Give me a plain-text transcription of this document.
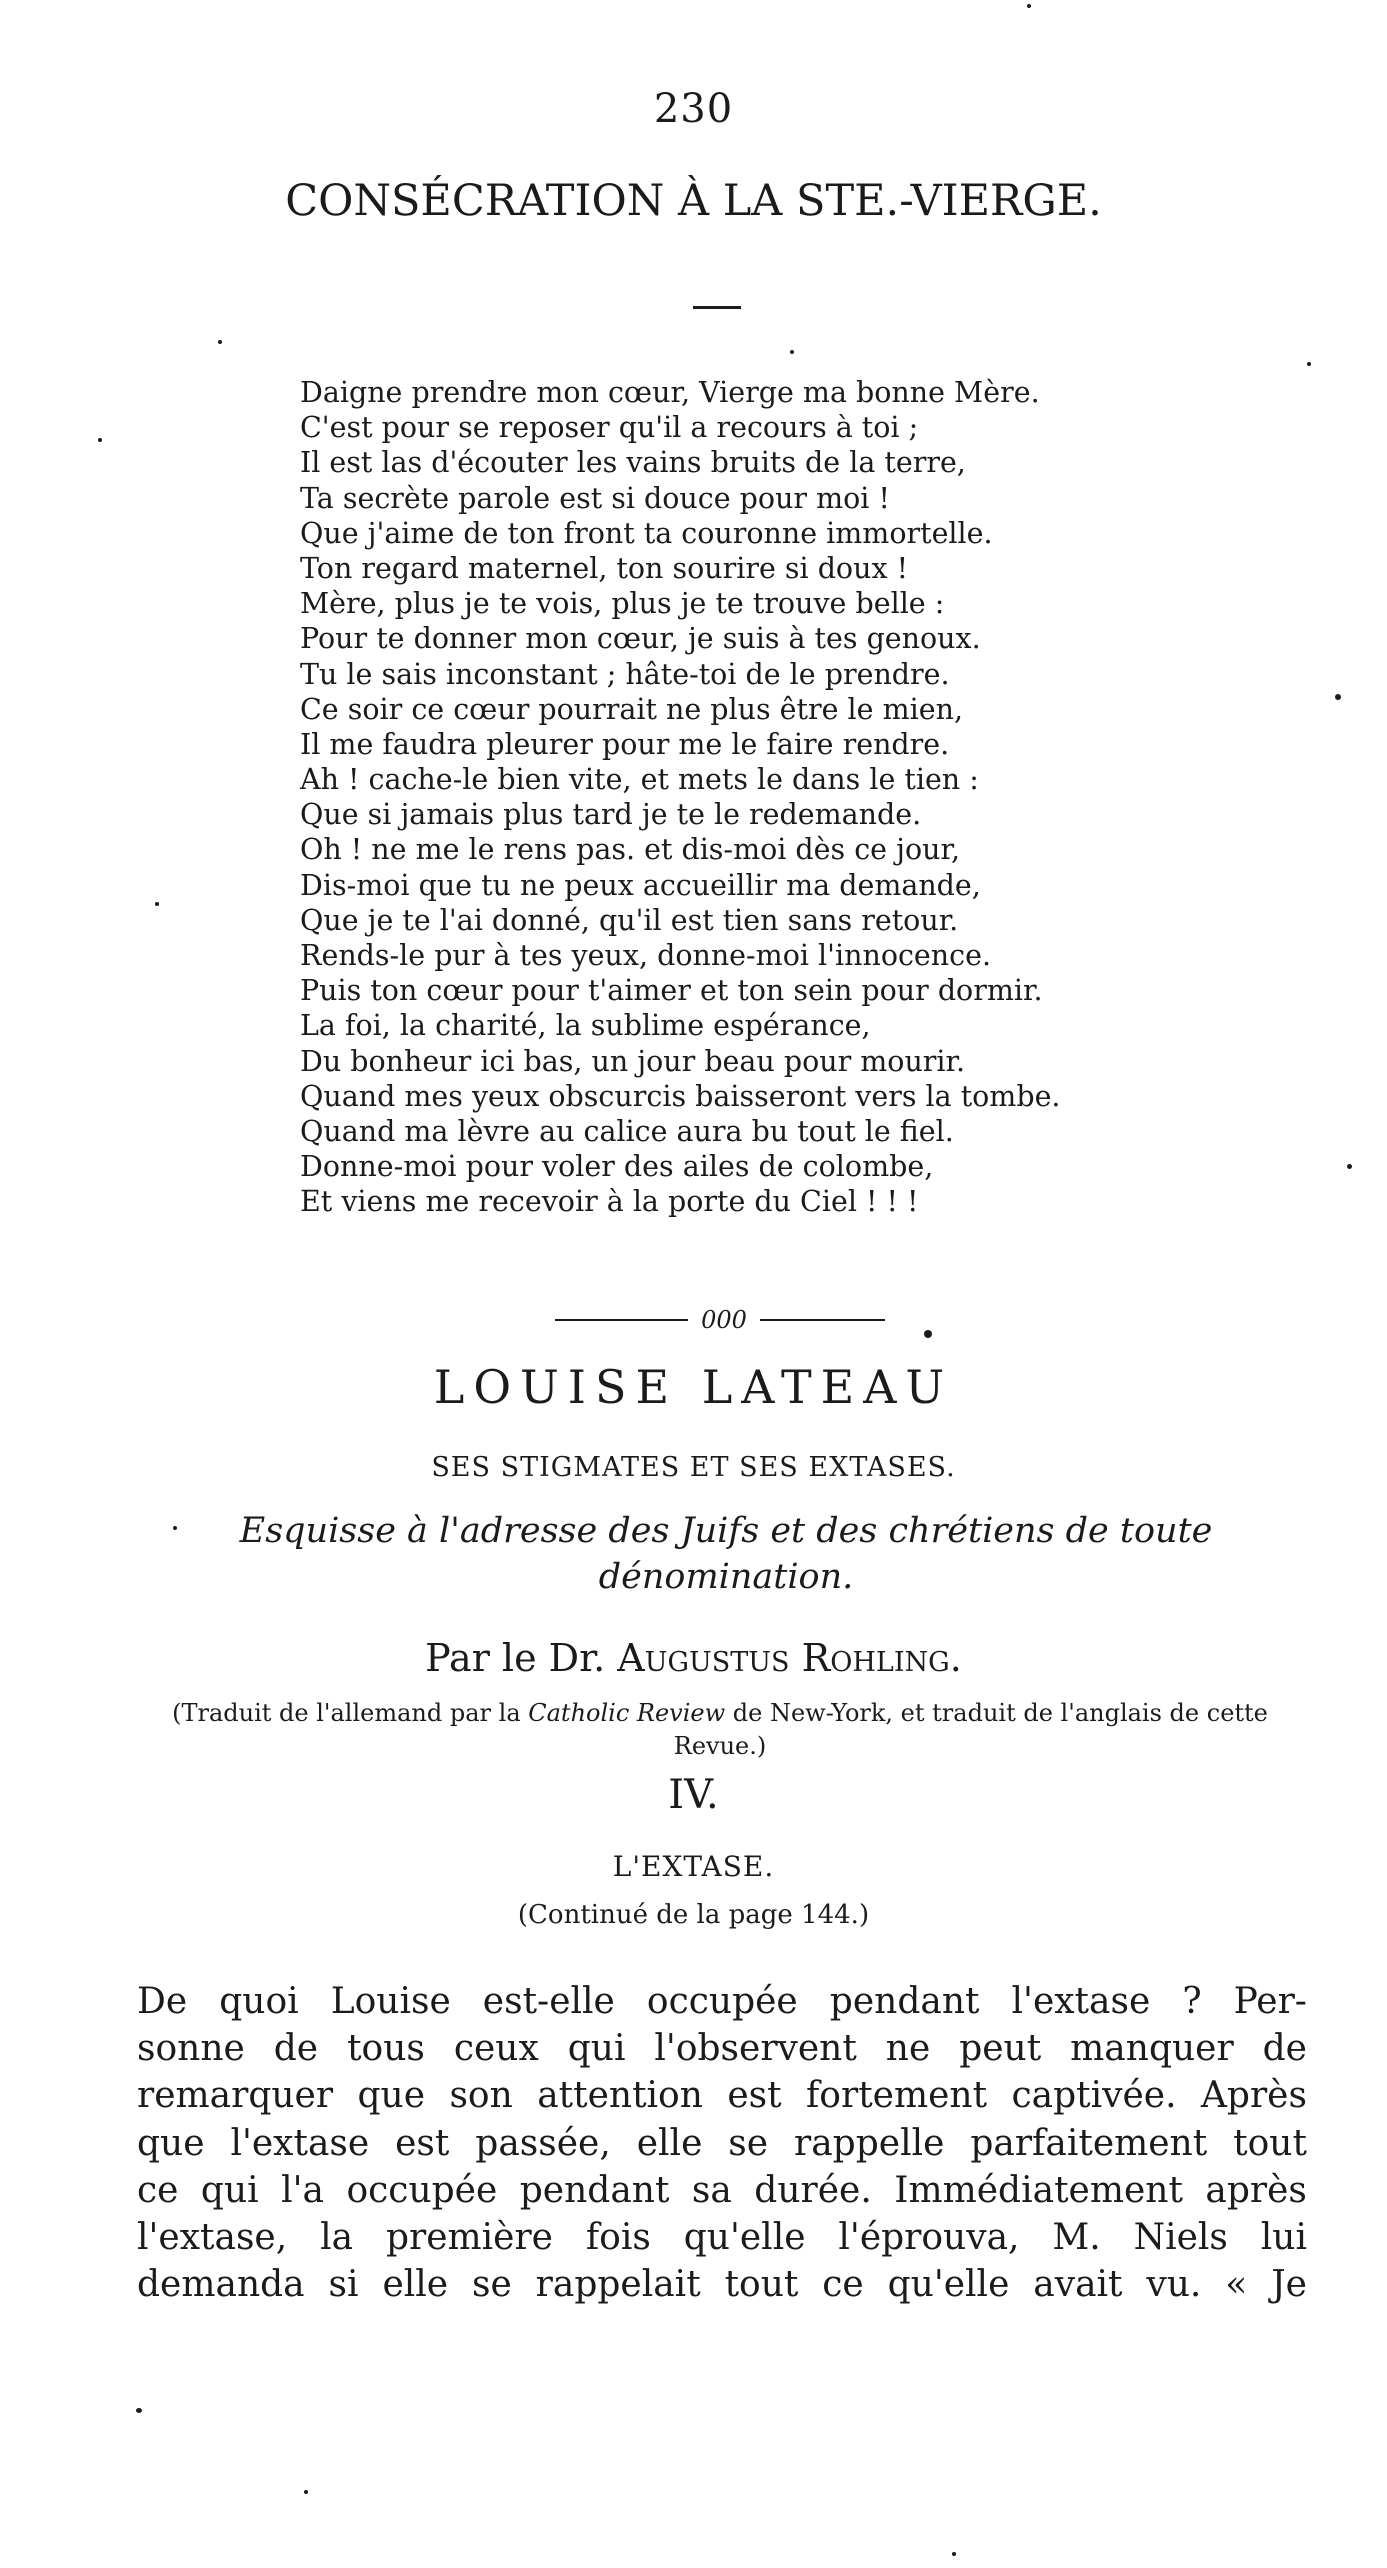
230
CONSÉCRATION À LA STE.-VIERGE.
Daigne prendre mon cœur, Vierge ma bonne Mère.
C'est pour se reposer qu'il a recours à toi ;
Il est las d'écouter les vains bruits de la terre,
Ta secrète parole est si douce pour moi !
Que j'aime de ton front ta couronne immortelle.
Ton regard maternel, ton sourire si doux !
Mère, plus je te vois, plus je te trouve belle :
Pour te donner mon cœur, je suis à tes genoux.
Tu le sais inconstant ; hâte-toi de le prendre.
Ce soir ce cœur pourrait ne plus être le mien,
Il me faudra pleurer pour me le faire rendre.
Ah ! cache-le bien vite, et mets le dans le tien :
Que si jamais plus tard je te le redemande.
Oh ! ne me le rens pas. et dis-moi dès ce jour,
Dis-moi que tu ne peux accueillir ma demande,
Que je te l'ai donné, qu'il est tien sans retour.
Rends-le pur à tes yeux, donne-moi l'innocence.
Puis ton cœur pour t'aimer et ton sein pour dormir.
La foi, la charité, la sublime espérance,
Du bonheur ici bas, un jour beau pour mourir.
Quand mes yeux obscurcis baisseront vers la tombe.
Quand ma lèvre au calice aura bu tout le fiel.
Donne-moi pour voler des ailes de colombe,
Et viens me recevoir à la porte du Ciel ! ! !
000
LOUISE LATEAU
SES STIGMATES ET SES EXTASES.
Esquisse à l'adresse des Juifs et des chrétiens de toute
dénomination.
Par le Dr. Augustus Rohling.
(Traduit de l'allemand par la Catholic Review de New-York, et traduit de l'anglais de cette Revue.)
IV.
L'EXTASE.
(Continué de la page 144.)
De quoi Louise est-elle occupée pendant l'extase ? Per-
sonne de tous ceux qui l'observent ne peut manquer de
remarquer que son attention est fortement captivée. Après
que l'extase est passée, elle se rappelle parfaitement tout
ce qui l'a occupée pendant sa durée. Immédiatement après
l'extase, la première fois qu'elle l'éprouva, M. Niels lui
demanda si elle se rappelait tout ce qu'elle avait vu. « Je
